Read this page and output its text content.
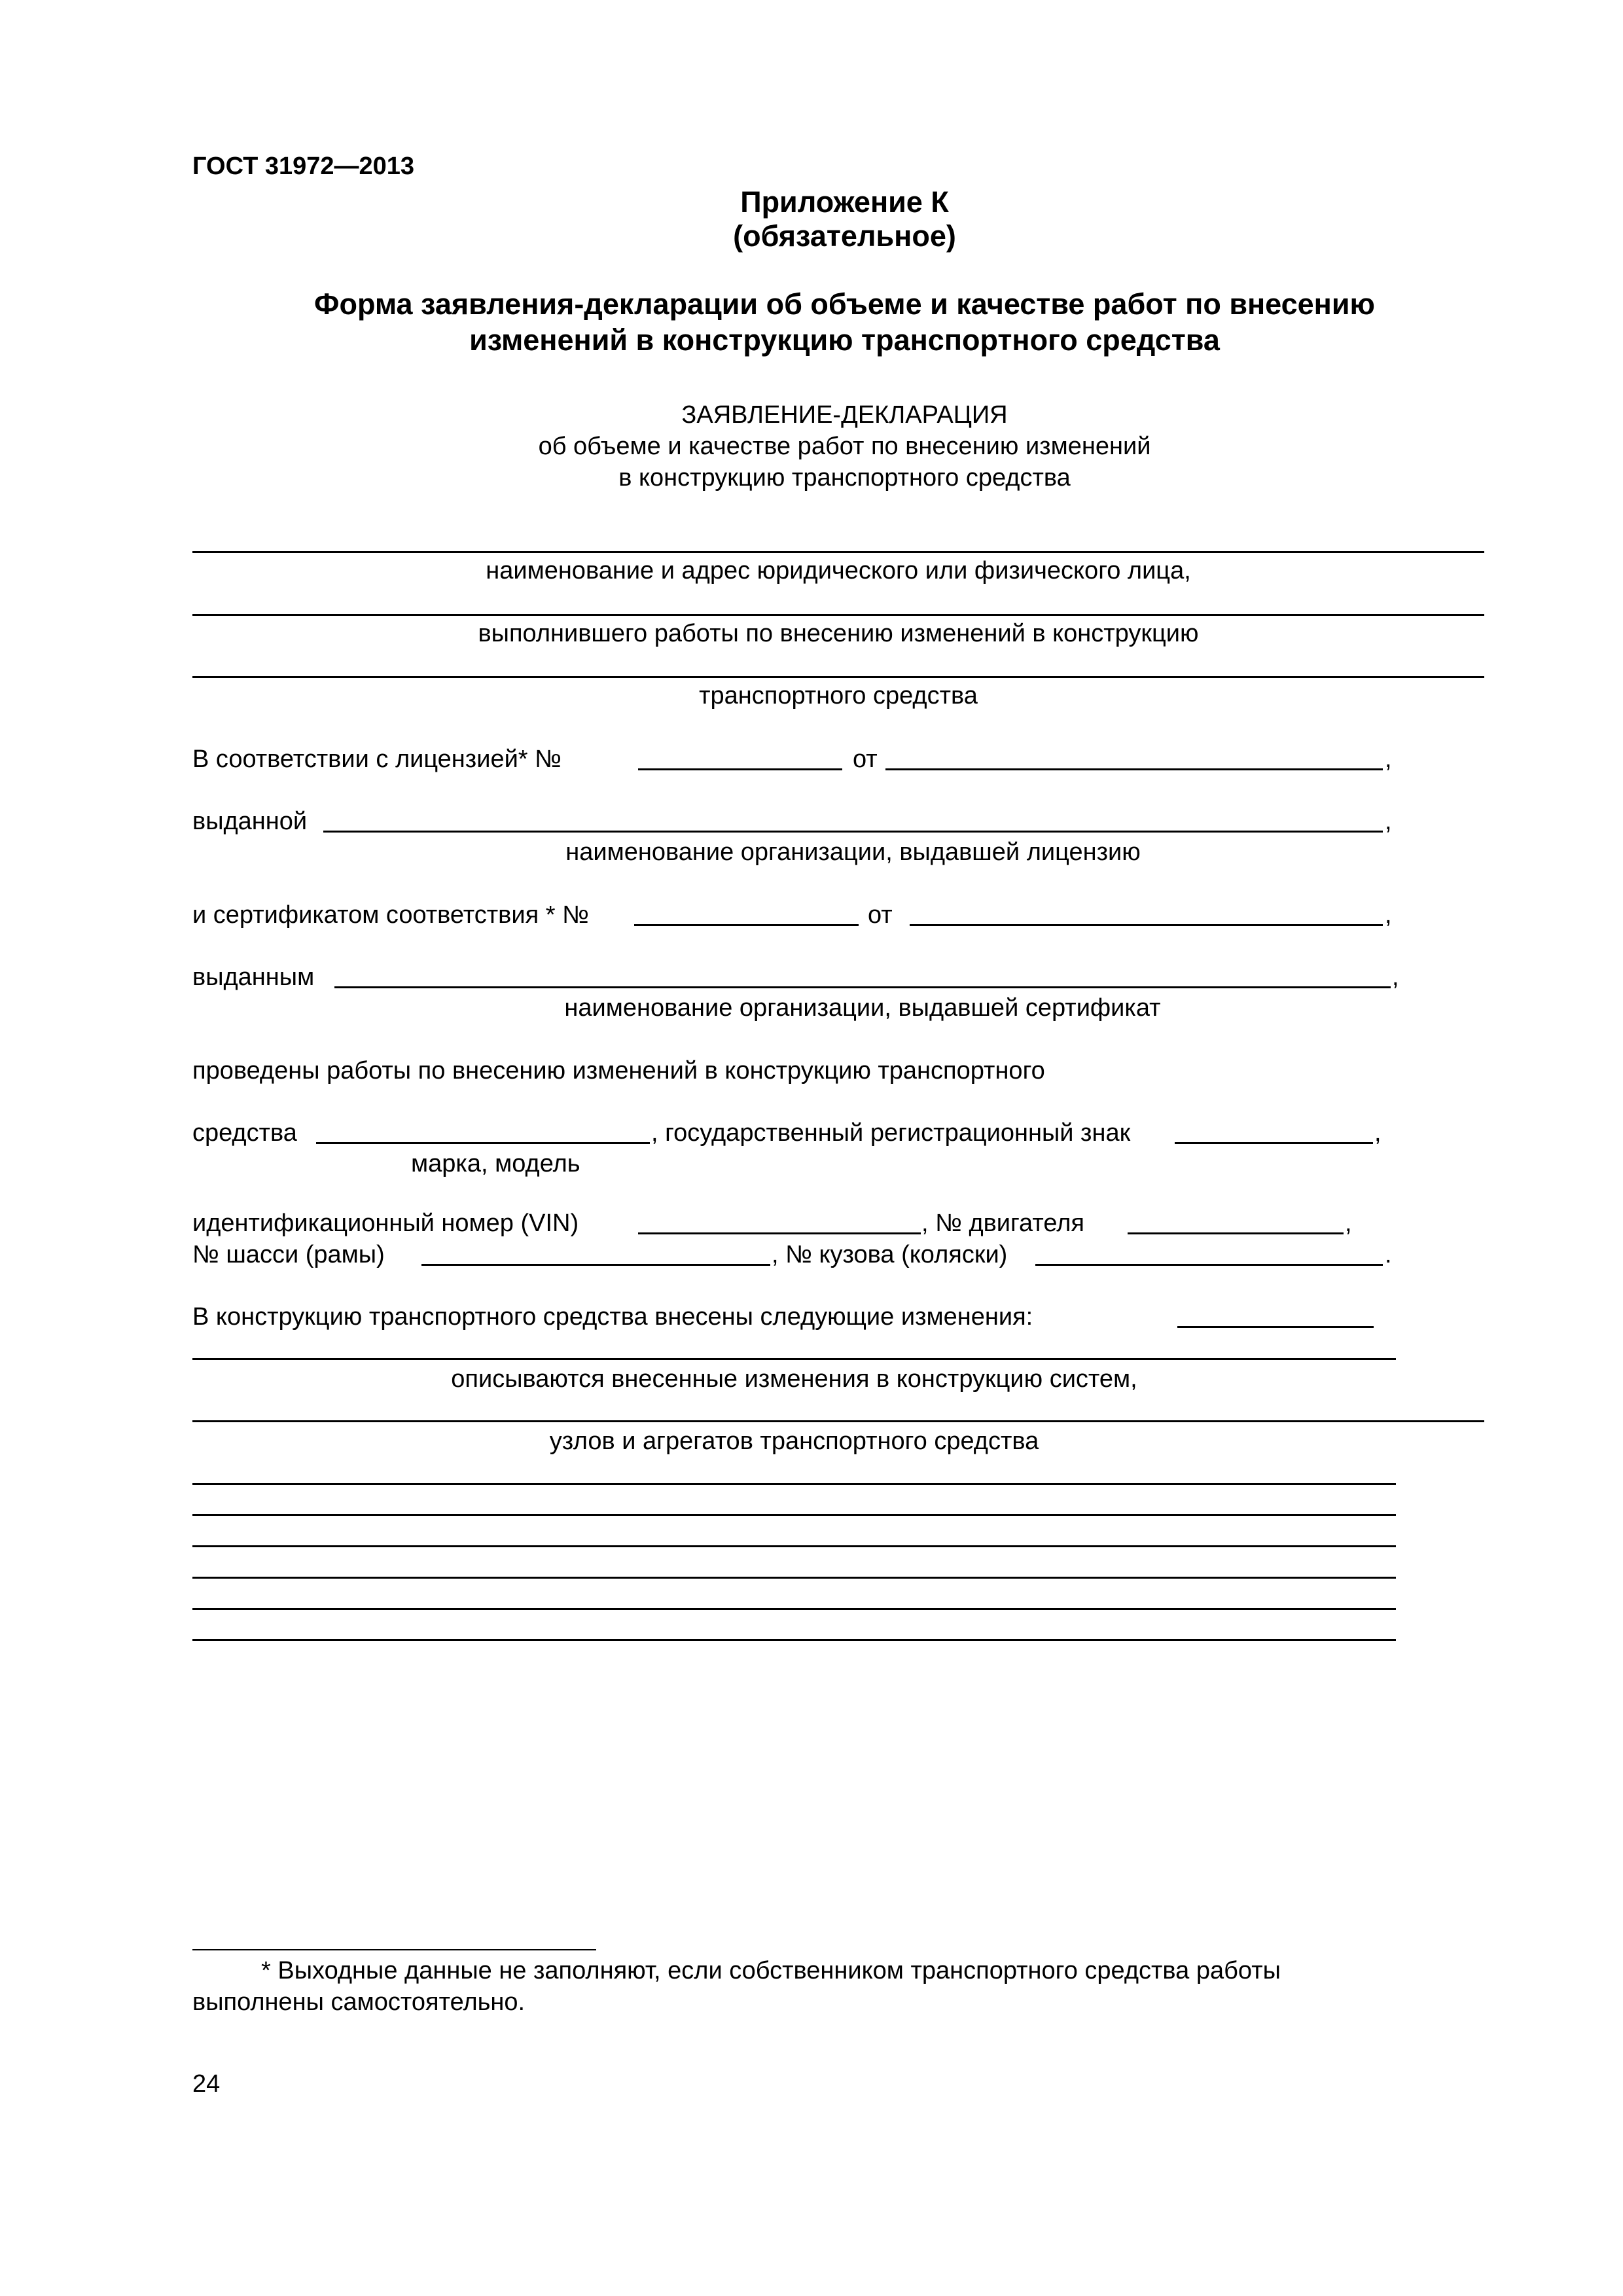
ГОСТ 31972—2013
Приложение К
(обязательное)
Форма заявления-декларации об объеме и качестве работ по внесению
изменений в конструкцию транспортного средства
ЗАЯВЛЕНИЕ-ДЕКЛАРАЦИЯ
об объеме и качестве работ по внесению изменений
в конструкцию транспортного средства
наименование и адрес юридического или физического лица,
выполнившего работы по внесению изменений в конструкцию
транспортного средства
В соответствии с лицензией* №	от	,
выданной	,
наименование организации, выдавшей лицензию
и сертификатом соответствия * №	от	,
выданным	,
наименование организации, выдавшей сертификат
проведены работы по внесению изменений в конструкцию транспортного
средства	, государственный регистрационный знак	,
марка, модель
идентификационный номер (VIN)	, № двигателя	,
№ шасси (рамы)	, № кузова (коляски)	.
В конструкцию транспортного средства внесены следующие изменения:
описываются внесенные изменения в конструкцию систем,
узлов и агрегатов транспортного средства
* Выходные данные не заполняют, если собственником транспортного средства работы
выполнены самостоятельно.
24
